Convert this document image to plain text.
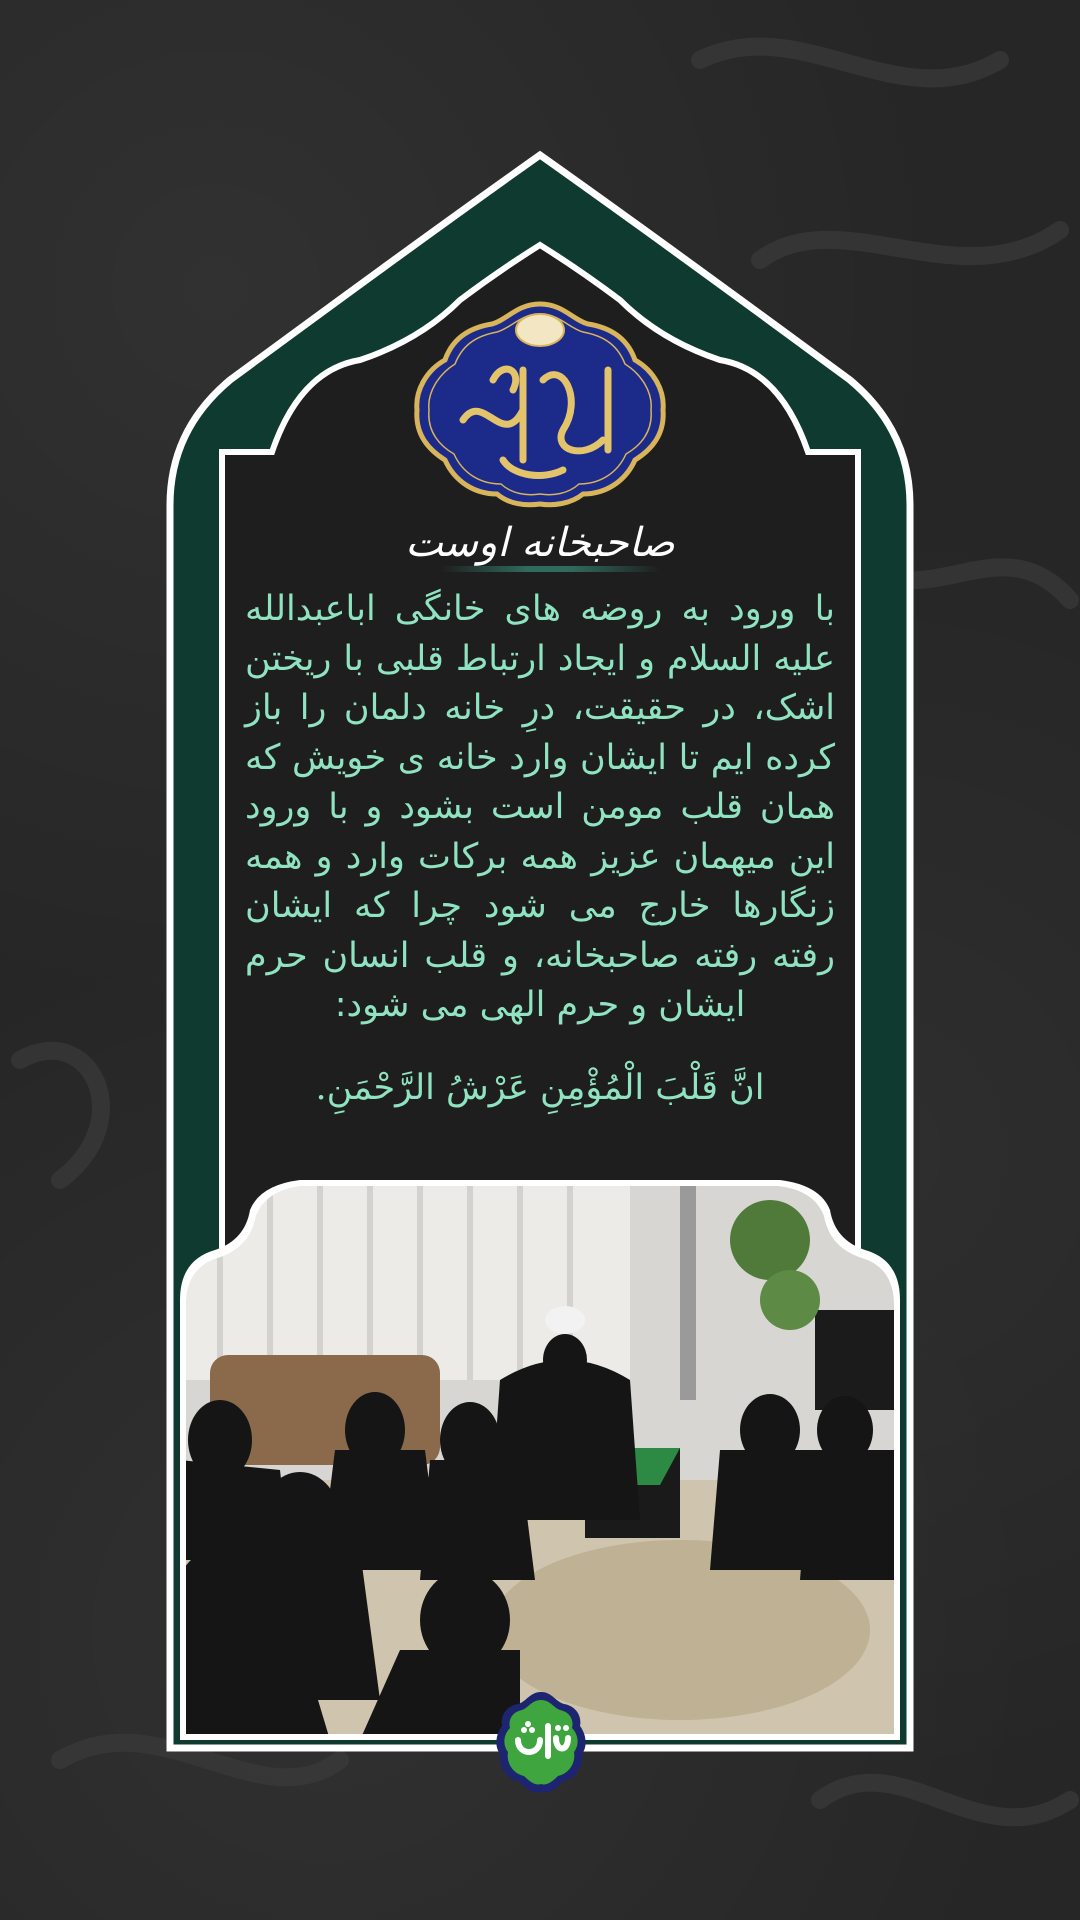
صاحبخانه اوست
با ورود به روضه های خانگی اباعبدالله علیه السلام و ایجاد ارتباط قلبی با ریختن اشک، در حقیقت، درِ خانه دلمان را باز کرده ایم تا ایشان وارد خانه ی خویش که همان قلب مومن است بشود و با ورود این میهمان عزیز همه برکات وارد و همه زنگارها خارج می شود چرا که ایشان رفته رفته صاحبخانه، و قلب انسان حرم ایشان و حرم الهی می شود:
انَّ قَلْبَ الْمُؤْمِنِ عَرْشُ الرَّحْمَنِ.
